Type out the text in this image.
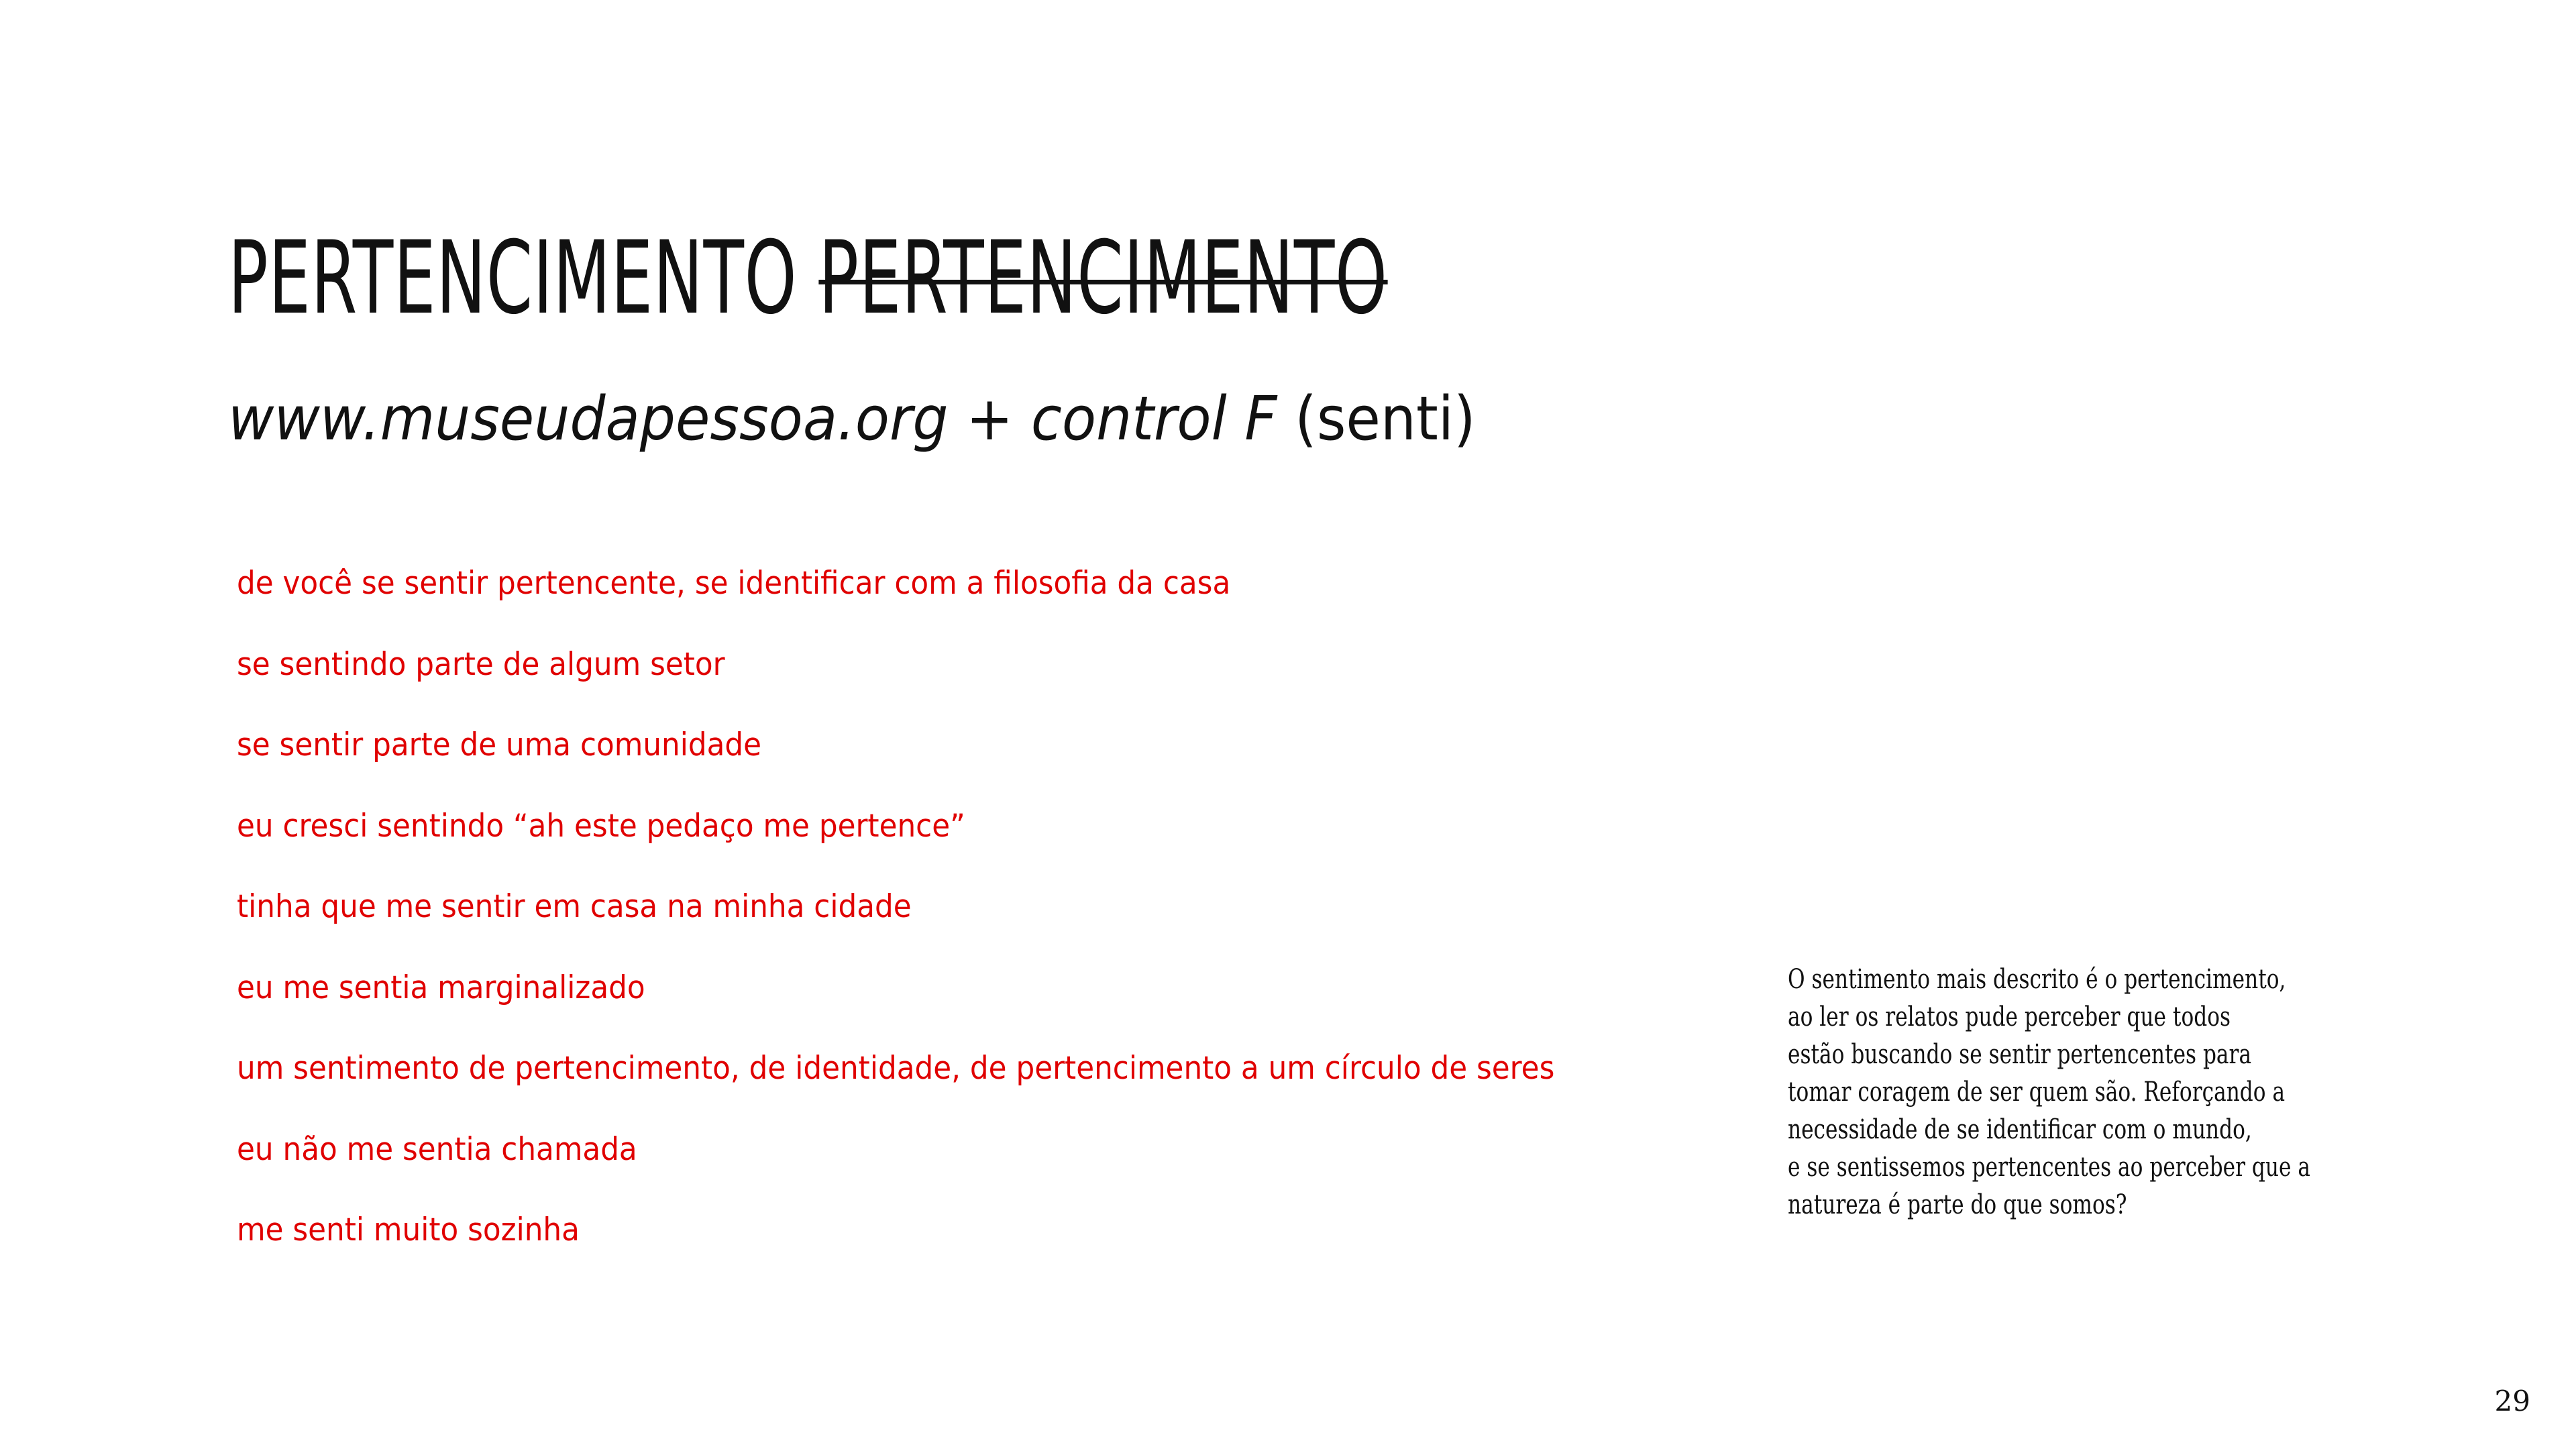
PERTENCIMENTO PERTENCIMENTO

www.museudapessoa.org + control F (senti)

de você se sentir pertencente, se identificar com a filosofia da casa
se sentindo parte de algum setor
se sentir parte de uma comunidade
eu cresci sentindo “ah este pedaço me pertence”
tinha que me sentir em casa na minha cidade
eu me sentia marginalizado
um sentimento de pertencimento, de identidade, de pertencimento a um círculo de seres
eu não me sentia chamada
me senti muito sozinha
O sentimento mais descrito é o pertencimento,
ao ler os relatos pude perceber que todos
estão buscando se sentir pertencentes para
tomar coragem de ser quem são. Reforçando a
necessidade de se identificar com o mundo,
e se sentissemos pertencentes ao perceber que a
natureza é parte do que somos?
29
